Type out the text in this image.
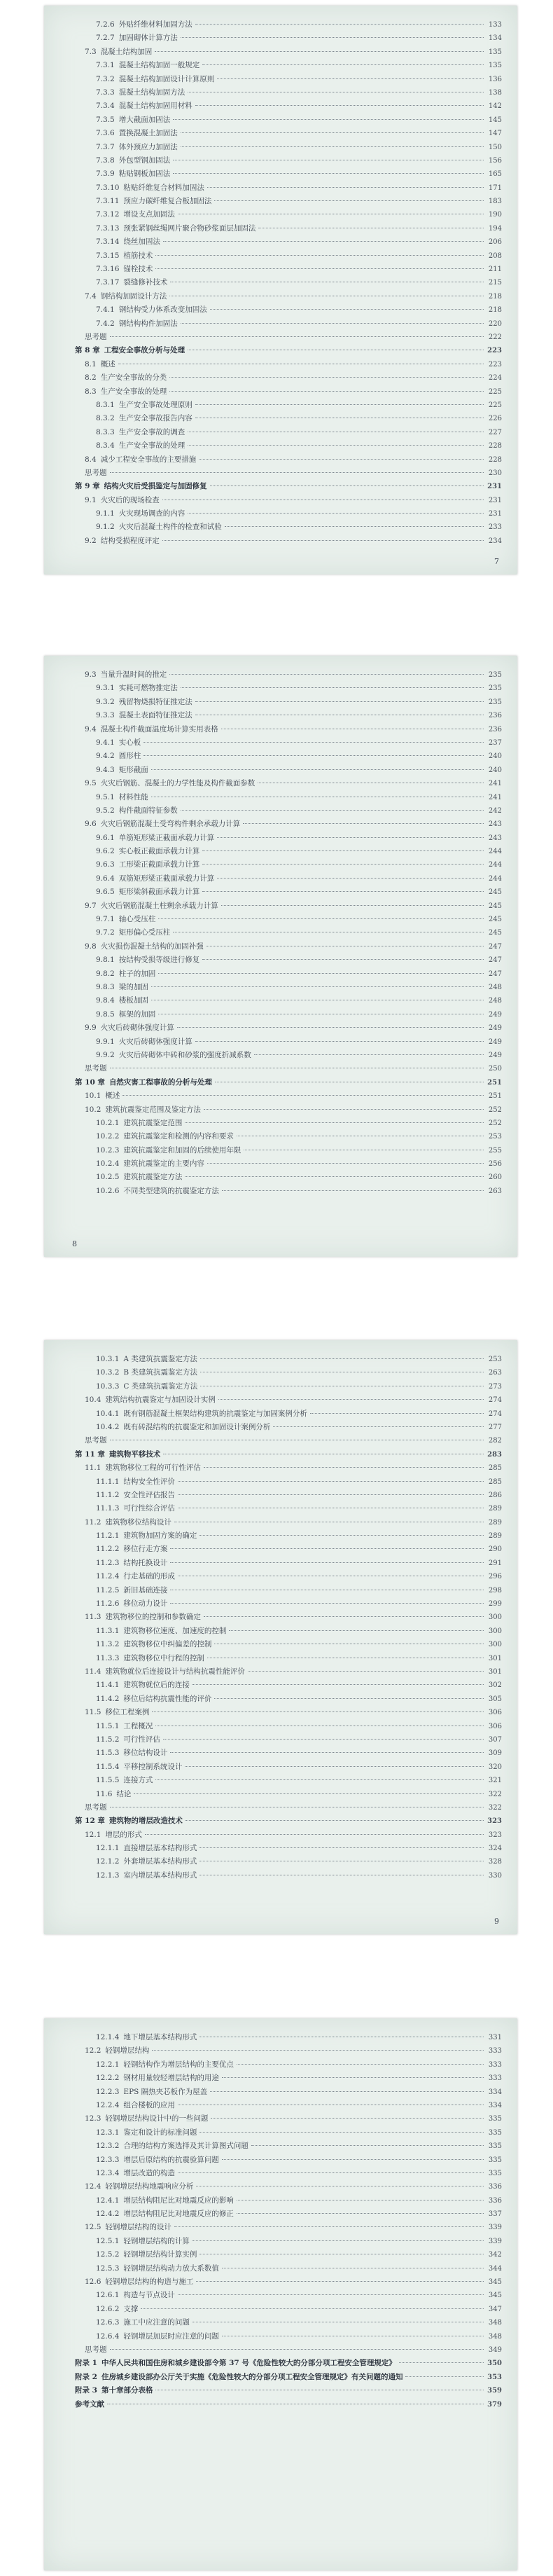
7.2.6 外贴纤维材料加固方法	133
7.2.7 加固砌体计算方法	134
7.3 混凝土结构加固	135
7.3.1 混凝土结构加固一般规定	135
7.3.2 混凝土结构加固设计计算原则	136
7.3.3 混凝土结构加固方法	138
7.3.4 混凝土结构加固用材料	142
7.3.5 增大截面加固法	145
7.3.6 置换混凝土加固法	147
7.3.7 体外预应力加固法	150
7.3.8 外包型钢加固法	156
7.3.9 粘贴钢板加固法	165
7.3.10 粘贴纤维复合材料加固法	171
7.3.11 预应力碳纤维复合板加固法	183
7.3.12 增设支点加固法	190
7.3.13 预张紧钢丝绳网片聚合物砂浆面层加固法	194
7.3.14 绕丝加固法	206
7.3.15 植筋技术	208
7.3.16 锚栓技术	211
7.3.17 裂缝修补技术	215
7.4 钢结构加固设计方法	218
7.4.1 钢结构受力体系改变加固法	218
7.4.2 钢结构构件加固法	220
思考题	222
第 8 章 工程安全事故分析与处理	223
8.1 概述	223
8.2 生产安全事故的分类	224
8.3 生产安全事故的处理	225
8.3.1 生产安全事故处理原则	225
8.3.2 生产安全事故报告内容	226
8.3.3 生产安全事故的调查	227
8.3.4 生产安全事故的处理	228
8.4 减少工程安全事故的主要措施	228
思考题	230
第 9 章 结构火灾后受损鉴定与加固修复	231
9.1 火灾后的现场检查	231
9.1.1 火灾现场调查的内容	231
9.1.2 火灾后混凝土构件的检查和试验	233
9.2 结构受损程度评定	234
7
9.3 当量升温时间的推定	235
9.3.1 实耗可燃物推定法	235
9.3.2 残留物烧损特征推定法	235
9.3.3 混凝土表面特征推定法	236
9.4 混凝土构件截面温度场计算实用表格	236
9.4.1 实心板	237
9.4.2 圆形柱	240
9.4.3 矩形截面	240
9.5 火灾后钢筋、混凝土的力学性能及构件截面参数	241
9.5.1 材料性能	241
9.5.2 构件截面特征参数	242
9.6 火灾后钢筋混凝土受弯构件剩余承载力计算	243
9.6.1 单筋矩形梁正截面承载力计算	243
9.6.2 实心板正截面承载力计算	244
9.6.3 工形梁正截面承载力计算	244
9.6.4 双筋矩形梁正截面承载力计算	244
9.6.5 矩形梁斜截面承载力计算	245
9.7 火灾后钢筋混凝土柱剩余承载力计算	245
9.7.1 轴心受压柱	245
9.7.2 矩形偏心受压柱	245
9.8 火灾损伤混凝土结构的加固补强	247
9.8.1 按结构受损等级进行修复	247
9.8.2 柱子的加固	247
9.8.3 梁的加固	248
9.8.4 楼板加固	248
9.8.5 框架的加固	249
9.9 火灾后砖砌体强度计算	249
9.9.1 火灾后砖砌体强度计算	249
9.9.2 火灾后砖砌体中砖和砂浆的强度折减系数	249
思考题	250
第 10 章 自然灾害工程事故的分析与处理	251
10.1 概述	251
10.2 建筑抗震鉴定范围及鉴定方法	252
10.2.1 建筑抗震鉴定范围	252
10.2.2 建筑抗震鉴定和检测的内容和要求	253
10.2.3 建筑抗震鉴定和加固的后续使用年限	255
10.2.4 建筑抗震鉴定的主要内容	256
10.2.5 建筑抗震鉴定方法	260
10.2.6 不同类型建筑的抗震鉴定方法	263
8
10.3.1 A 类建筑抗震鉴定方法	253
10.3.2 B 类建筑抗震鉴定方法	263
10.3.3 C 类建筑抗震鉴定方法	273
10.4 建筑结构抗震鉴定与加固设计实例	274
10.4.1 既有钢筋混凝土框架结构建筑的抗震鉴定与加固案例分析	274
10.4.2 既有砖混结构的抗震鉴定和加固设计案例分析	277
思考题	282
第 11 章 建筑物平移技术	283
11.1 建筑物移位工程的可行性评估	285
11.1.1 结构安全性评价	285
11.1.2 安全性评估报告	286
11.1.3 可行性综合评估	289
11.2 建筑物移位结构设计	289
11.2.1 建筑物加固方案的确定	289
11.2.2 移位行走方案	290
11.2.3 结构托换设计	291
11.2.4 行走基础的形成	296
11.2.5 新旧基础连接	298
11.2.6 移位动力设计	299
11.3 建筑物移位的控制和参数确定	300
11.3.1 建筑物移位速度、加速度的控制	300
11.3.2 建筑物移位中纠偏差的控制	300
11.3.3 建筑物移位中行程的控制	301
11.4 建筑物就位后连接设计与结构抗震性能评价	301
11.4.1 建筑物就位后的连接	302
11.4.2 移位后结构抗震性能的评价	305
11.5 移位工程案例	306
11.5.1 工程概况	306
11.5.2 可行性评估	307
11.5.3 移位结构设计	309
11.5.4 平移控制系统设计	320
11.5.5 连接方式	321
11.6 结论	322
思考题	322
第 12 章 建筑物的增层改造技术	323
12.1 增层的形式	323
12.1.1 直接增层基本结构形式	324
12.1.2 外套增层基本结构形式	328
12.1.3 室内增层基本结构形式	330
9
12.1.4 地下增层基本结构形式	331
12.2 轻钢增层结构	333
12.2.1 轻钢结构作为增层结构的主要优点	333
12.2.2 钢材用量较轻增层结构的用途	333
12.2.3 EPS 隔热夹芯板作为屋盖	334
12.2.4 组合楼板的应用	334
12.3 轻钢增层结构设计中的一些问题	335
12.3.1 鉴定和设计的标准问题	335
12.3.2 合理的结构方案选择及其计算图式问题	335
12.3.3 增层后原结构的抗震验算问题	335
12.3.4 增层改造的构造	335
12.4 轻钢增层结构地震响应分析	336
12.4.1 增层结构阻尼比对地震反应的影响	336
12.4.2 增层结构阻尼比对地震反应的修正	337
12.5 轻钢增层结构的设计	339
12.5.1 轻钢增层结构的计算	339
12.5.2 轻钢增层结构计算实例	342
12.5.3 轻钢增层结构动力放大系数值	344
12.6 轻钢增层结构的构造与施工	345
12.6.1 构造与节点设计	345
12.6.2 支撑	347
12.6.3 施工中应注意的问题	348
12.6.4 轻钢增层加层时应注意的问题	348
思考题	349
附录 1 中华人民共和国住房和城乡建设部令第 37 号《危险性较大的分部分项工程安全管理规定》	350
附录 2 住房城乡建设部办公厅关于实施《危险性较大的分部分项工程安全管理规定》有关问题的通知	353
附录 3 第十章部分表格	359
参考文献	379
